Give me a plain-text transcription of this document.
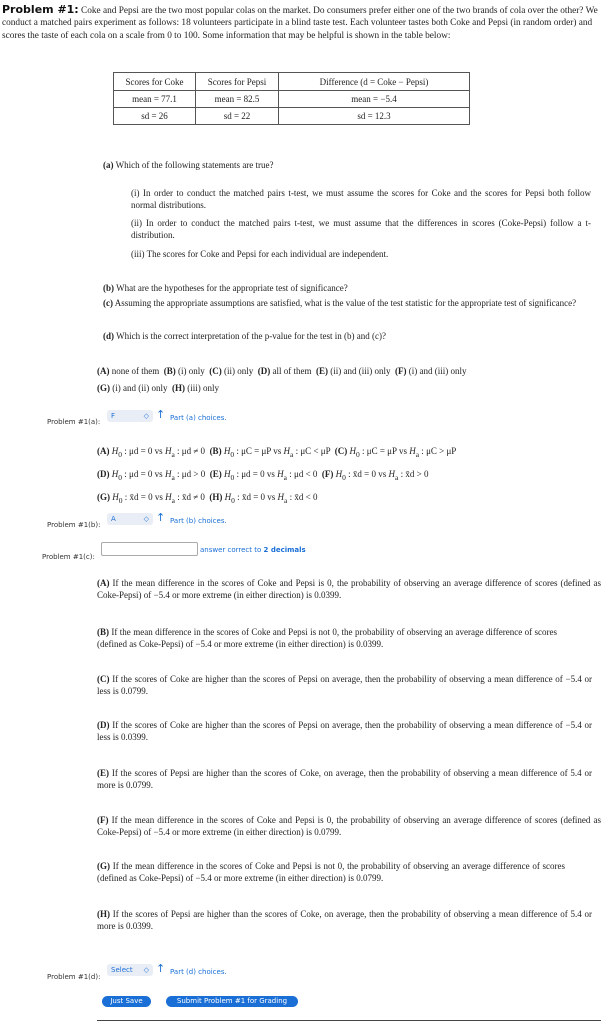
Problem #1: Coke and Pepsi are the two most popular colas on the market. Do consumers prefer either one of the two brands of cola over the other? We conduct a matched pairs experiment as follows: 18 volunteers participate in a blind taste test. Each volunteer tastes both Coke and Pepsi (in random order) and scores the taste of each cola on a scale from 0 to 100. Some information that may be helpful is shown in the table below:
Scores for Coke	Scores for Pepsi	Difference (d = Coke − Pepsi)
mean = 77.1	mean = 82.5	mean = −5.4
sd = 26	sd = 22	sd = 12.3
(a) Which of the following statements are true?
(i) In order to conduct the matched pairs t-test, we must assume the scores for Coke and the scores for Pepsi both follow normal distributions.
(ii) In order to conduct the matched pairs t-test, we must assume that the differences in scores (Coke-Pepsi) follow a t-distribution.
(iii) The scores for Coke and Pepsi for each individual are independent.
(b) What are the hypotheses for the appropriate test of significance?
(c) Assuming the appropriate assumptions are satisfied, what is the value of the test statistic for the appropriate test of significance?
(d) Which is the correct interpretation of the p-value for the test in (b) and (c)?
(A) none of them (B) (i) only (C) (ii) only (D) all of them (E) (ii) and (iii) only (F) (i) and (iii) only
(G) (i) and (ii) only (H) (iii) only
Problem #1(a):
F	◇ ↑ Part (a) choices.
(A) $H_0$ : μd = 0 vs $H_a$ : μd ≠ 0 (B) $H_0$ : μC = μP vs $H_a$ : μC < μP (C) $H_0$ : μC = μP vs $H_a$ : μC > μP
(D) $H_0$ : μd = 0 vs $H_a$ : μd > 0 (E) $H_0$ : μd = 0 vs $H_a$ : μd < 0 (F) $H_0$ : x̄d = 0 vs $H_a$ : x̄d > 0
(G) $H_0$ : x̄d = 0 vs $H_a$ : x̄d ≠ 0 (H) $H_0$ : x̄d = 0 vs $H_a$ : x̄d < 0
Problem #1(b):
A	◇ ↑ Part (b) choices.
Problem #1(c):
answer correct to 2 decimals
(A) If the mean difference in the scores of Coke and Pepsi is 0, the probability of observing an average difference of scores (defined as Coke-Pepsi) of −5.4 or more extreme (in either direction) is 0.0399.
(B) If the mean difference in the scores of Coke and Pepsi is not 0, the probability of observing an average difference of scores (defined as Coke-Pepsi) of −5.4 or more extreme (in either direction) is 0.0399.
(C) If the scores of Coke are higher than the scores of Pepsi on average, then the probability of observing a mean difference of −5.4 or less is 0.0799.
(D) If the scores of Coke are higher than the scores of Pepsi on average, then the probability of observing a mean difference of −5.4 or less is 0.0399.
(E) If the scores of Pepsi are higher than the scores of Coke, on average, then the probability of observing a mean difference of 5.4 or more is 0.0799.
(F) If the mean difference in the scores of Coke and Pepsi is 0, the probability of observing an average difference of scores (defined as Coke-Pepsi) of −5.4 or more extreme (in either direction) is 0.0799.
(G) If the mean difference in the scores of Coke and Pepsi is not 0, the probability of observing an average difference of scores (defined as Coke-Pepsi) of −5.4 or more extreme (in either direction) is 0.0799.
(H) If the scores of Pepsi are higher than the scores of Coke, on average, then the probability of observing a mean difference of 5.4 or more is 0.0399.
Problem #1(d):
Select ◇ ↑ Part (d) choices.
Just Save	Submit Problem #1 for Grading
